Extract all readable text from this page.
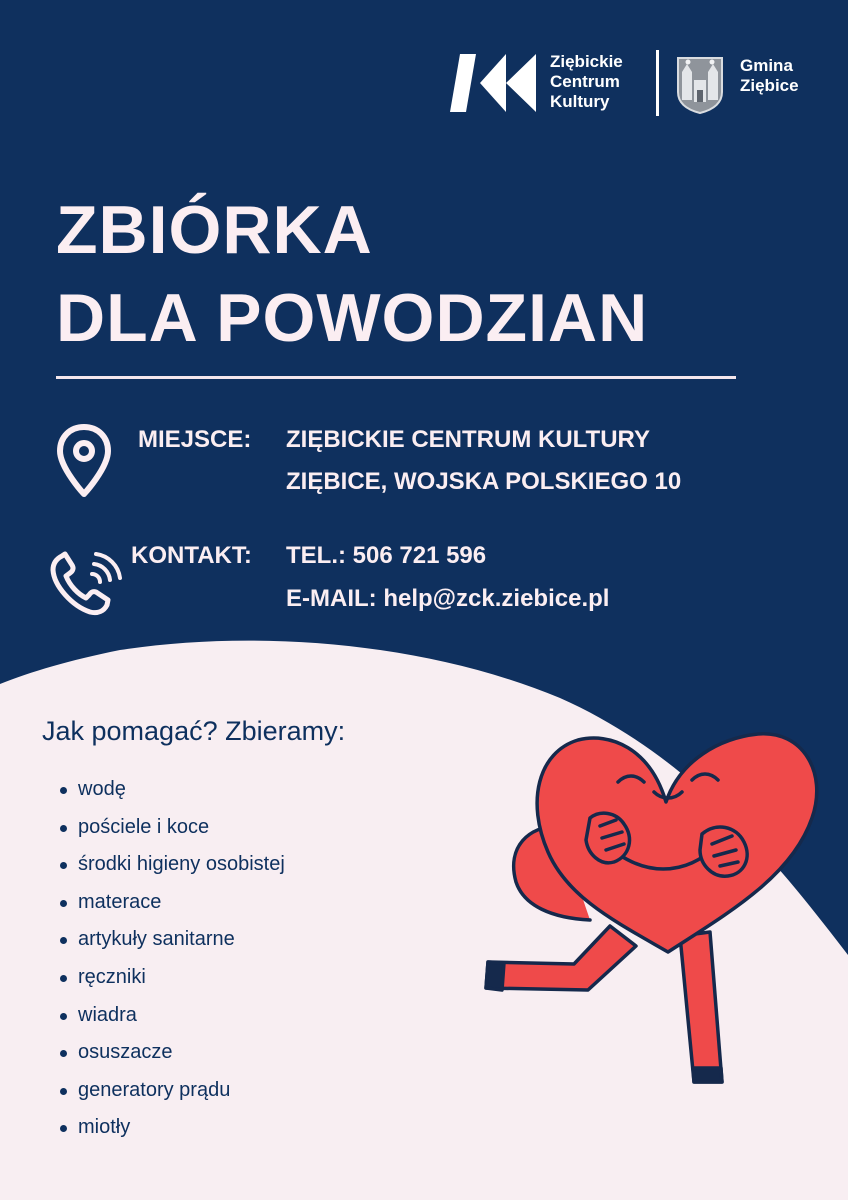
Ziębickie
Centrum
Kultury
Gmina
Ziębice
ZBIÓRKA
DLA POWODZIAN
MIEJSCE: ZIĘBICKIE CENTRUM KULTURY
ZIĘBICE, WOJSKA POLSKIEGO 10
KONTAKT: TEL.: 506 721 596
E-MAIL: help@zck.ziebice.pl
Jak pomagać? Zbieramy:
wodę
pościele i koce
środki higieny osobistej
materace
artykuły sanitarne
ręczniki
wiadra
osuszacze
generatory prądu
miotły
